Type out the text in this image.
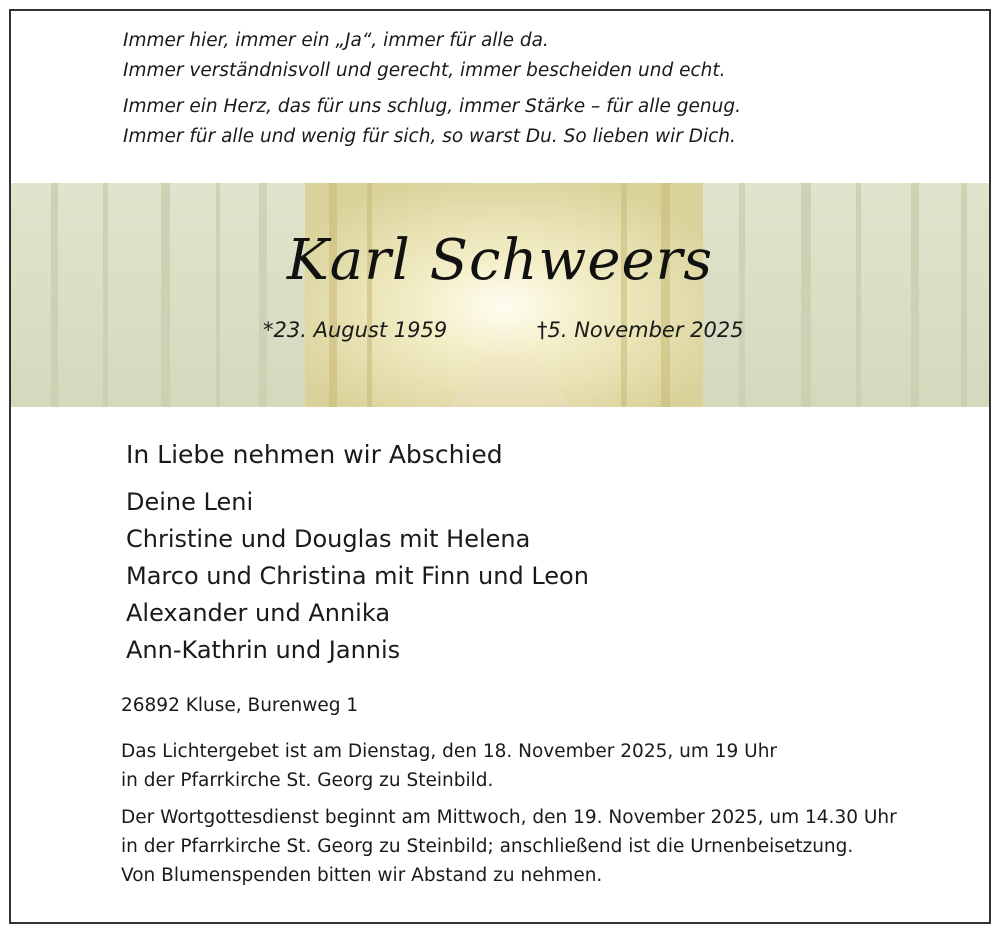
Immer hier, immer ein „Ja“, immer für alle da.
Immer verständnisvoll und gerecht, immer bescheiden und echt.
Immer ein Herz, das für uns schlug, immer Stärke – für alle genug.
Immer für alle und wenig für sich, so warst Du. So lieben wir Dich.
Karl Schweers
*23. August 1959	†5. November 2025
In Liebe nehmen wir Abschied
Deine Leni
Christine und Douglas mit Helena
Marco und Christina mit Finn und Leon
Alexander und Annika
Ann-Kathrin und Jannis
26892 Kluse, Burenweg 1
Das Lichtergebet ist am Dienstag, den 18. November 2025, um 19 Uhr
in der Pfarrkirche St. Georg zu Steinbild.
Der Wortgottesdienst beginnt am Mittwoch, den 19. November 2025, um 14.30 Uhr
in der Pfarrkirche St. Georg zu Steinbild; anschließend ist die Urnenbeisetzung.
Von Blumenspenden bitten wir Abstand zu nehmen.
